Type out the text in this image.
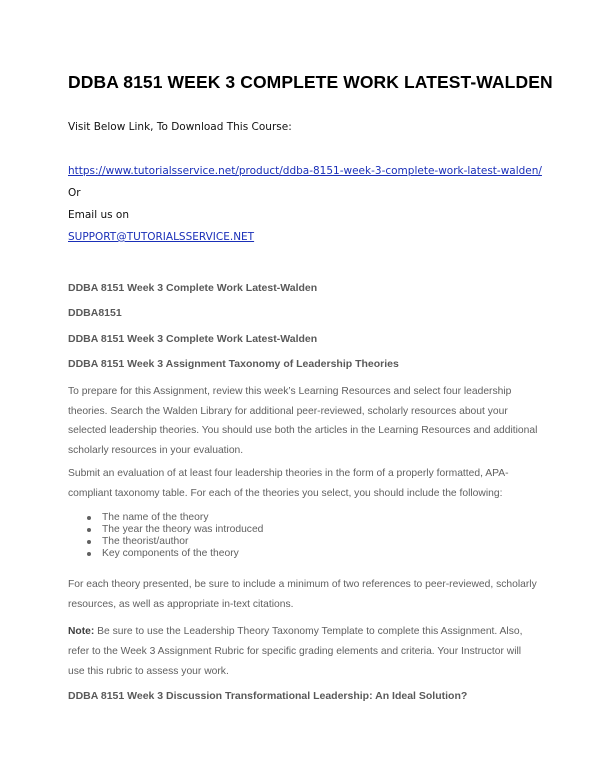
DDBA 8151 WEEK 3 COMPLETE WORK LATEST-WALDEN

Visit Below Link, To Download This Course:

https://www.tutorialsservice.net/product/ddba-8151-week-3-complete-work-latest-walden/

Or

Email us on

SUPPORT@TUTORIALSSERVICE.NET

DDBA 8151 Week 3 Complete Work Latest-Walden

DDBA8151

DDBA 8151 Week 3 Complete Work Latest-Walden

DDBA 8151 Week 3 Assignment Taxonomy of Leadership Theories

To prepare for this Assignment, review this week’s Learning Resources and select four leadership theories. Search the Walden Library for additional peer-reviewed, scholarly resources about your selected leadership theories. You should use both the articles in the Learning Resources and additional scholarly resources in your evaluation.

Submit an evaluation of at least four leadership theories in the form of a properly formatted, APA-compliant taxonomy table. For each of the theories you select, you should include the following:

The name of the theory
The year the theory was introduced
The theorist/author
Key components of the theory

For each theory presented, be sure to include a minimum of two references to peer-reviewed, scholarly resources, as well as appropriate in-text citations.

Note: Be sure to use the Leadership Theory Taxonomy Template to complete this Assignment. Also, refer to the Week 3 Assignment Rubric for specific grading elements and criteria. Your Instructor will use this rubric to assess your work.

DDBA 8151 Week 3 Discussion Transformational Leadership: An Ideal Solution?
